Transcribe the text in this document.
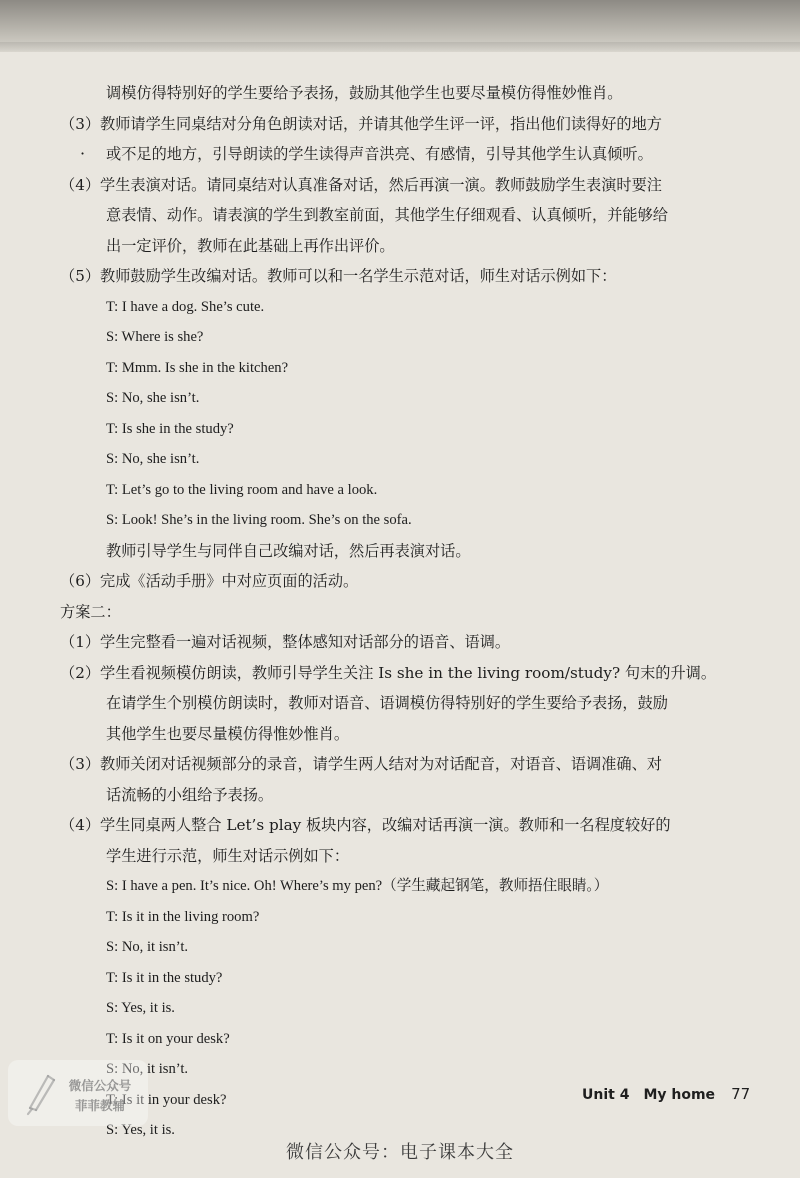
调模仿得特别好的学生要给予表扬，鼓励其他学生也要尽量模仿得惟妙惟肖。
（3）教师请学生同桌结对分角色朗读对话，并请其他学生评一评，指出他们读得好的地方
· 或不足的地方，引导朗读的学生读得声音洪亮、有感情，引导其他学生认真倾听。
（4）学生表演对话。请同桌结对认真准备对话，然后再演一演。教师鼓励学生表演时要注
意表情、动作。请表演的学生到教室前面，其他学生仔细观看、认真倾听，并能够给
出一定评价，教师在此基础上再作出评价。
（5）教师鼓励学生改编对话。教师可以和一名学生示范对话，师生对话示例如下：
T: I have a dog. She’s cute.
S: Where is she?
T: Mmm. Is she in the kitchen?
S: No, she isn’t.
T: Is she in the study?
S: No, she isn’t.
T: Let’s go to the living room and have a look.
S: Look! She’s in the living room. She’s on the sofa.
教师引导学生与同伴自己改编对话，然后再表演对话。
（6）完成《活动手册》中对应页面的活动。
方案二：
（1）学生完整看一遍对话视频，整体感知对话部分的语音、语调。
（2）学生看视频模仿朗读，教师引导学生关注 Is she in the living room/study? 句末的升调。
在请学生个别模仿朗读时，教师对语音、语调模仿得特别好的学生要给予表扬，鼓励
其他学生也要尽量模仿得惟妙惟肖。
（3）教师关闭对话视频部分的录音，请学生两人结对为对话配音，对语音、语调准确、对
话流畅的小组给予表扬。
（4）学生同桌两人整合 Let’s play 板块内容，改编对话再演一演。教师和一名程度较好的
学生进行示范，师生对话示例如下：
S: I have a pen. It’s nice. Oh! Where’s my pen?（学生藏起钢笔，教师捂住眼睛。）
T: Is it in the living room?
S: No, it isn’t.
T: Is it in the study?
S: Yes, it is.
T: Is it on your desk?
S: No, it isn’t.
T: Is it in your desk?
S: Yes, it is.
微信公众号
菲菲教辅
Unit 4 My home 77
微信公众号：电子课本大全
